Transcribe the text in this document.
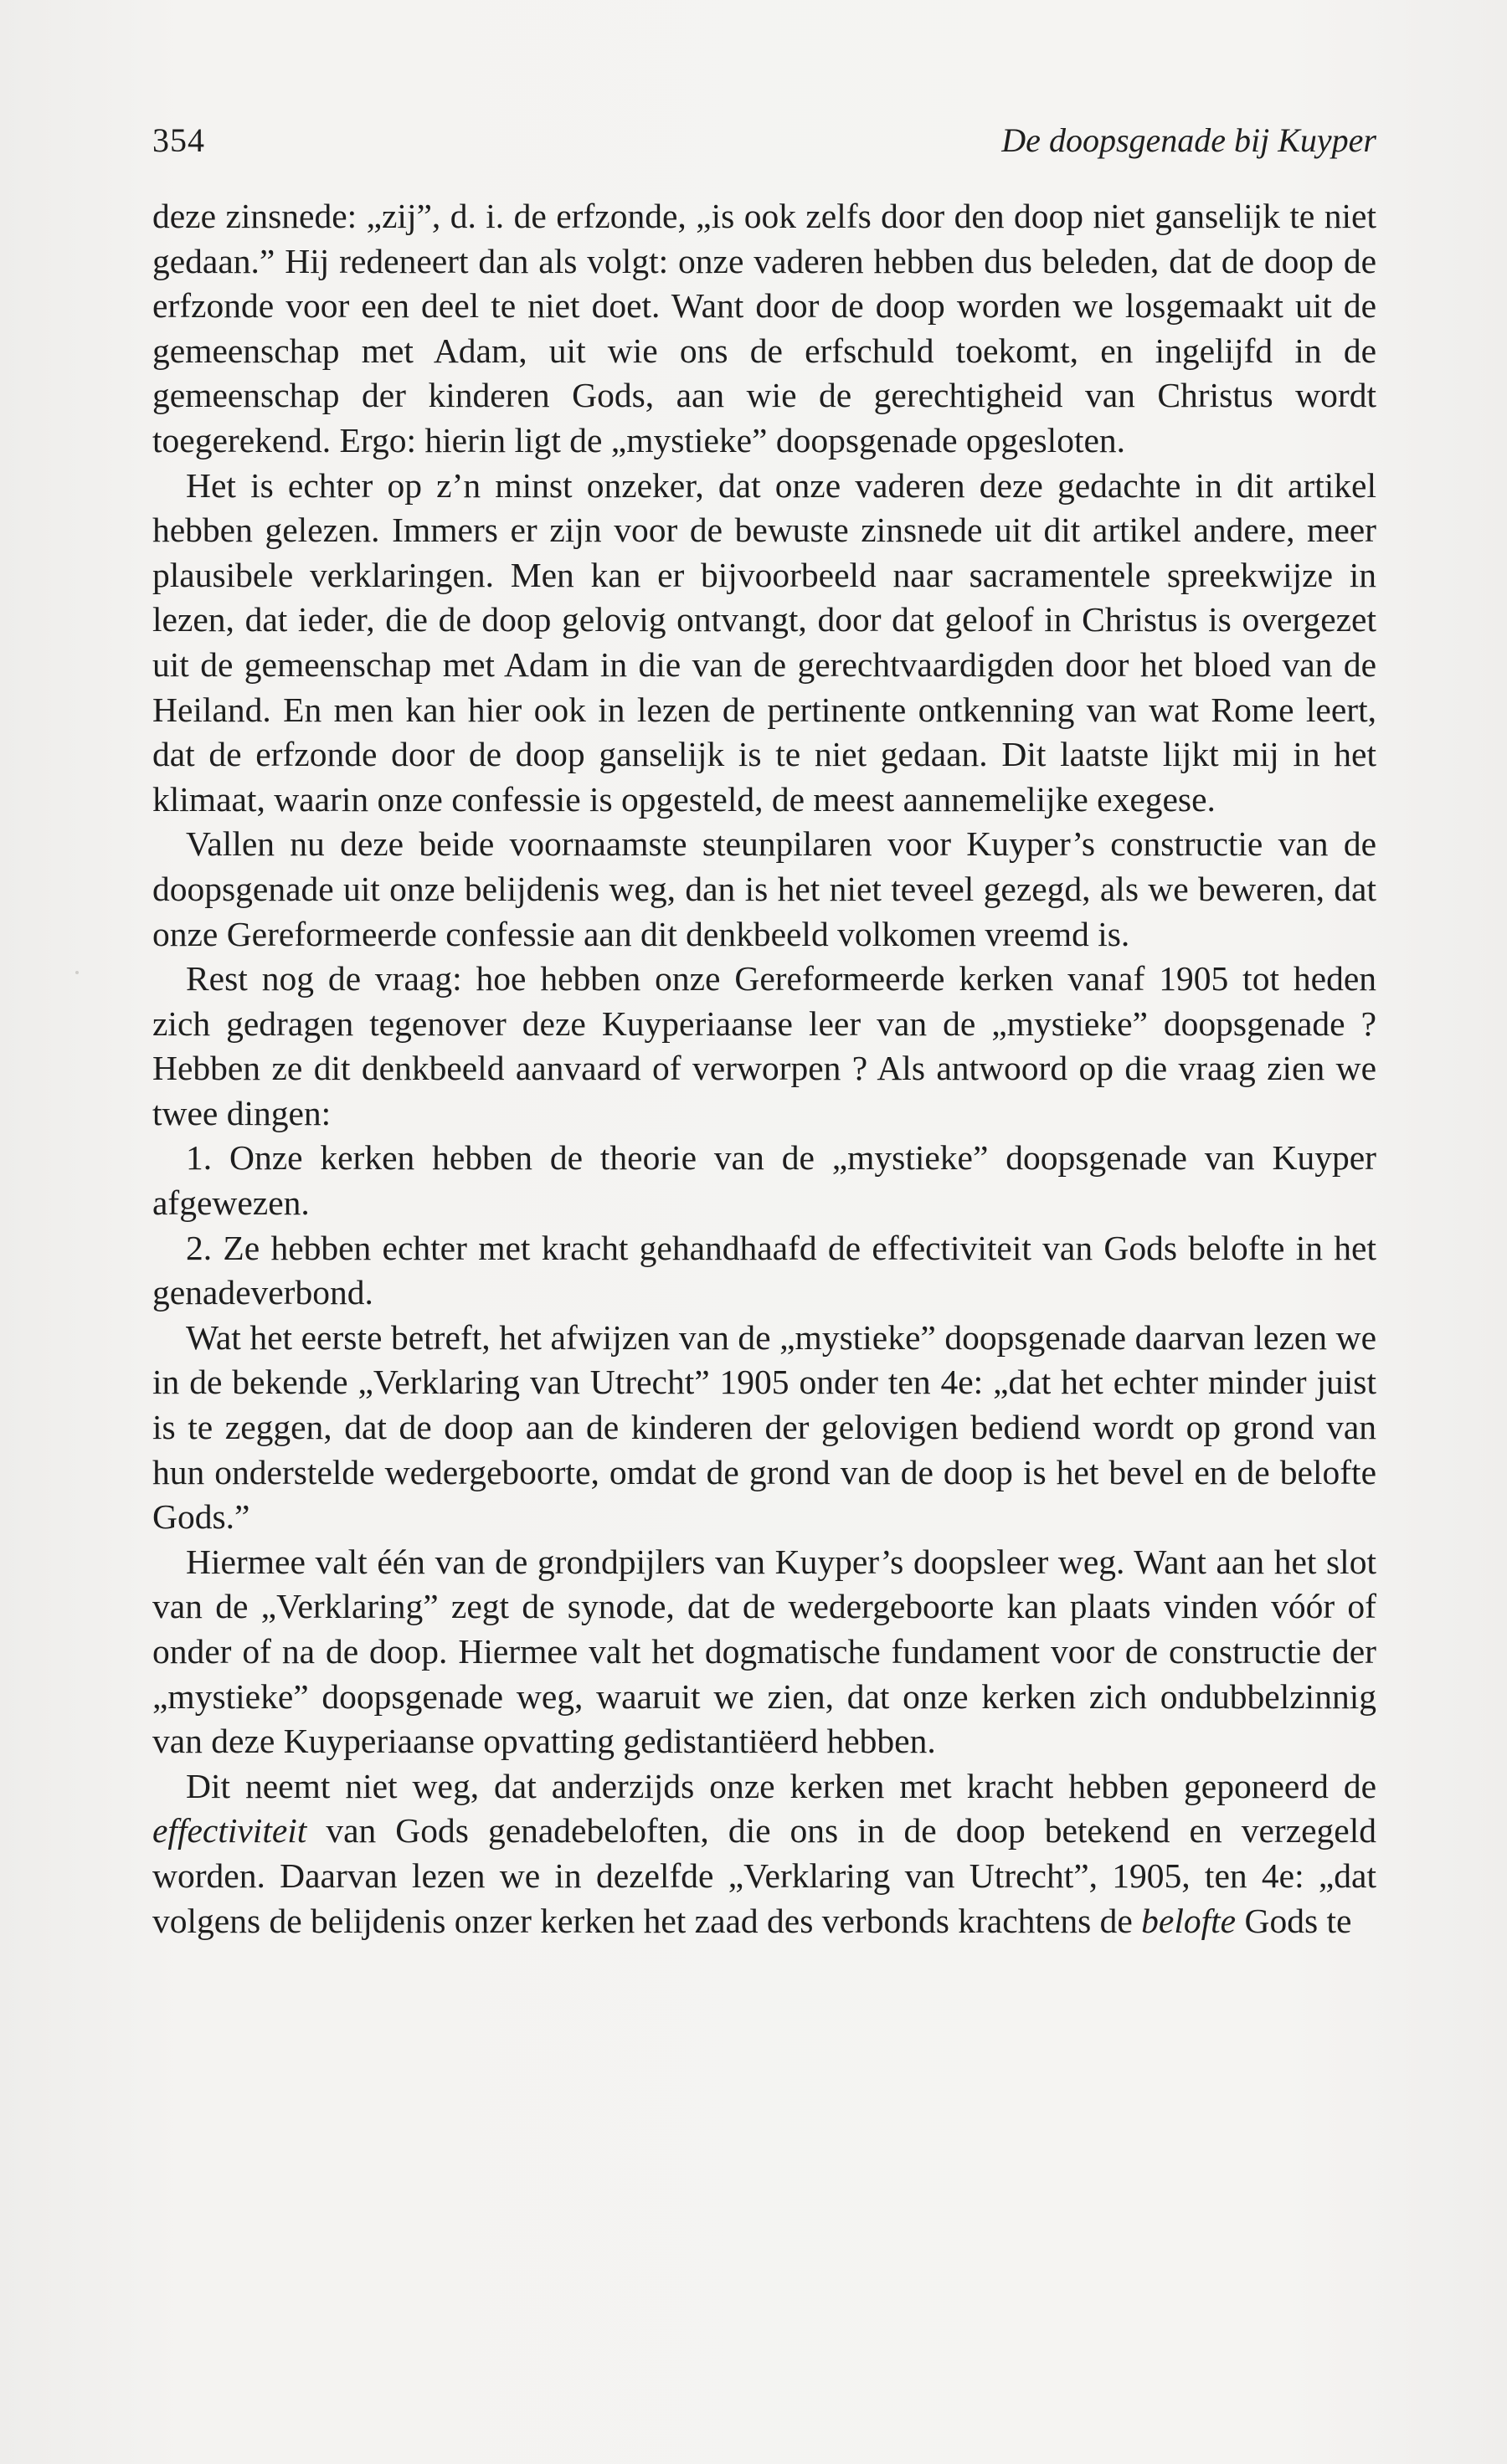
354	De doopsgenade bij Kuyper

deze zinsnede: „zij”, d. i. de erfzonde, „is ook zelfs door den doop niet ganselijk te niet gedaan.” Hij redeneert dan als volgt: onze vaderen hebben dus beleden, dat de doop de erfzonde voor een deel te niet doet. Want door de doop worden we losgemaakt uit de gemeenschap met Adam, uit wie ons de erfschuld toekomt, en ingelijfd in de gemeenschap der kinderen Gods, aan wie de gerechtigheid van Christus wordt toegerekend. Ergo: hierin ligt de „mystieke” doopsgenade opgesloten.

Het is echter op z’n minst onzeker, dat onze vaderen deze gedachte in dit artikel hebben gelezen. Immers er zijn voor de bewuste zinsnede uit dit artikel andere, meer plausibele verklaringen. Men kan er bijvoorbeeld naar sacramentele spreekwijze in lezen, dat ieder, die de doop gelovig ontvangt, door dat geloof in Christus is overgezet uit de gemeenschap met Adam in die van de gerechtvaardigden door het bloed van de Heiland. En men kan hier ook in lezen de pertinente ontkenning van wat Rome leert, dat de erfzonde door de doop ganselijk is te niet gedaan. Dit laatste lijkt mij in het klimaat, waarin onze confessie is opgesteld, de meest aannemelijke exegese.

Vallen nu deze beide voornaamste steunpilaren voor Kuyper’s constructie van de doopsgenade uit onze belijdenis weg, dan is het niet teveel gezegd, als we beweren, dat onze Gereformeerde confessie aan dit denkbeeld volkomen vreemd is.

Rest nog de vraag: hoe hebben onze Gereformeerde kerken vanaf 1905 tot heden zich gedragen tegenover deze Kuyperiaanse leer van de „mystieke” doopsgenade ? Hebben ze dit denkbeeld aanvaard of verworpen ? Als antwoord op die vraag zien we twee dingen:

1. Onze kerken hebben de theorie van de „mystieke” doopsgenade van Kuyper afgewezen.

2. Ze hebben echter met kracht gehandhaafd de effectiviteit van Gods belofte in het genadeverbond.

Wat het eerste betreft, het afwijzen van de „mystieke” doopsgenade daarvan lezen we in de bekende „Verklaring van Utrecht” 1905 onder ten 4e: „dat het echter minder juist is te zeggen, dat de doop aan de kinderen der gelovigen bediend wordt op grond van hun onderstelde wedergeboorte, omdat de grond van de doop is het bevel en de belofte Gods.”

Hiermee valt één van de grondpijlers van Kuyper’s doopsleer weg. Want aan het slot van de „Verklaring” zegt de synode, dat de wedergeboorte kan plaats vinden vóór of onder of na de doop. Hiermee valt het dogmatische fundament voor de constructie der „mystieke” doopsgenade weg, waaruit we zien, dat onze kerken zich ondubbelzinnig van deze Kuyperiaanse opvatting gedistantiëerd hebben.

Dit neemt niet weg, dat anderzijds onze kerken met kracht hebben geponeerd de effectiviteit van Gods genadebeloften, die ons in de doop betekend en verzegeld worden. Daarvan lezen we in dezelfde „Verklaring van Utrecht”, 1905, ten 4e: „dat volgens de belijdenis onzer kerken het zaad des verbonds krachtens de belofte Gods te
